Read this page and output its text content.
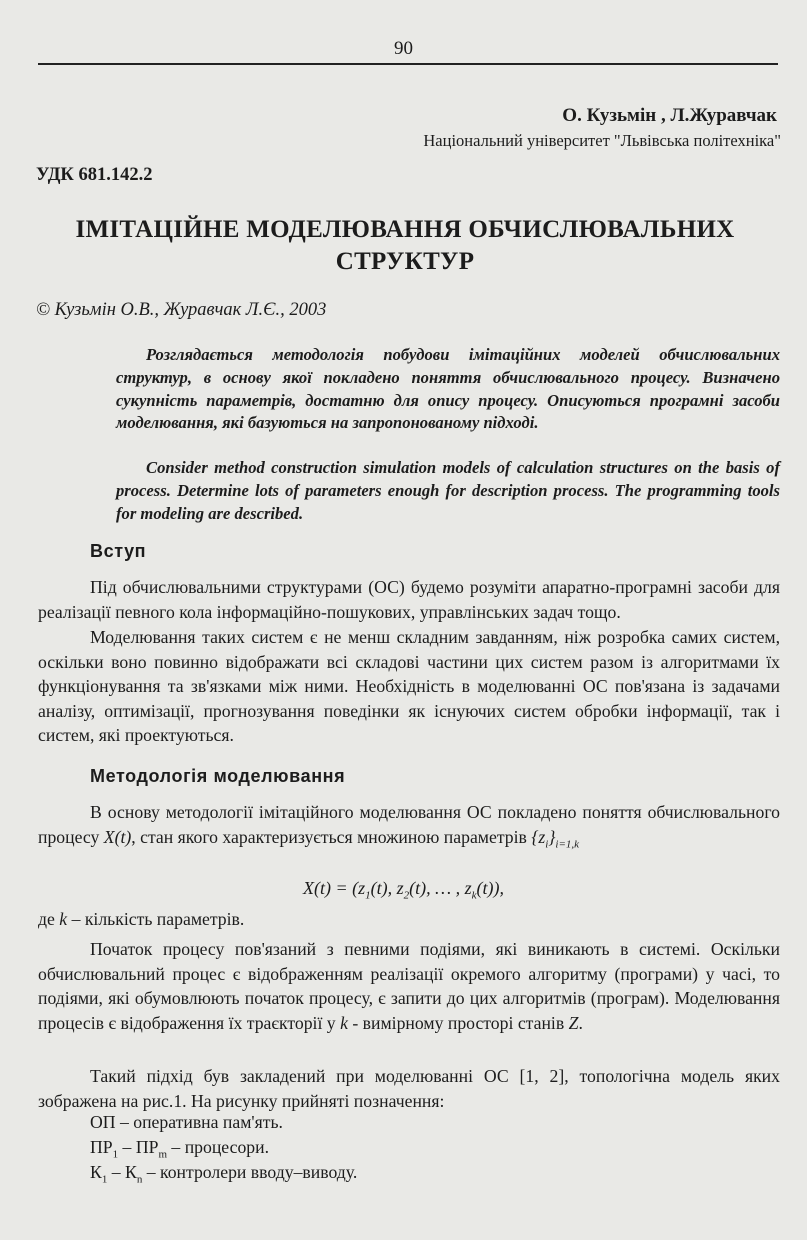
90
О. Кузьмін , Л.Журавчак
Національний університет "Львівська політехніка"
УДК 681.142.2
ІМІТАЦІЙНЕ МОДЕЛЮВАННЯ ОБЧИСЛЮВАЛЬНИХ
СТРУКТУР
© Кузьмін О.В., Журавчак Л.Є., 2003

Розглядається методологія побудови імітаційних моделей обчислювальних структур, в основу якої покладено поняття обчислювального процесу. Визначено сукупність параметрів, достатню для опису процесу. Описуються програмні засоби моделювання, які базуються на запропонованому підході.

Consider method construction simulation models of calculation structures on the basis of process. Determine lots of parameters enough for description process. The programming tools for modeling are described.

Вступ

Під обчислювальними структурами (ОС) будемо розуміти апаратно-програмні засоби для реалізації певного кола інформаційно-пошукових, управлінських задач тощо.

Моделювання таких систем є не менш складним завданням, ніж розробка самих систем, оскільки воно повинно відображати всі складові частини цих систем разом із алгоритмами їх функціонування та зв'язками між ними. Необхідність в моделюванні ОС пов'язана із задачами аналізу, оптимізації, прогнозування поведінки як існуючих систем обробки інформації, так і систем, які проектуються.

Методологія моделювання

В основу методології імітаційного моделювання ОС покладено поняття обчислювального процесу X(t), стан якого характеризується множиною параметрів $\{z_i\}_{i=1,k}$

$X(t) = (z_1(t)$, $z_2(t)$, … , $z_k(t)$),
де k – кількість параметрів.

Початок процесу пов'язаний з певними подіями, які виникають в системі. Оскільки обчислювальний процес є відображенням реалізації окремого алгоритму (програми) у часі, то подіями, які обумовлюють початок процесу, є запити до цих алгоритмів (програм). Моделювання процесів є відображення їх траєкторії у k - вимірному просторі станів Z.

Такий підхід був закладений при моделюванні ОС [1, 2], топологічна модель яких зображена на рис.1. На рисунку прийняті позначення:

ОП – оперативна пам'ять.
$ПР_1 - ПР_m$ – процесори.
$К_1 - К_n$ – контролери вводу–виводу.
